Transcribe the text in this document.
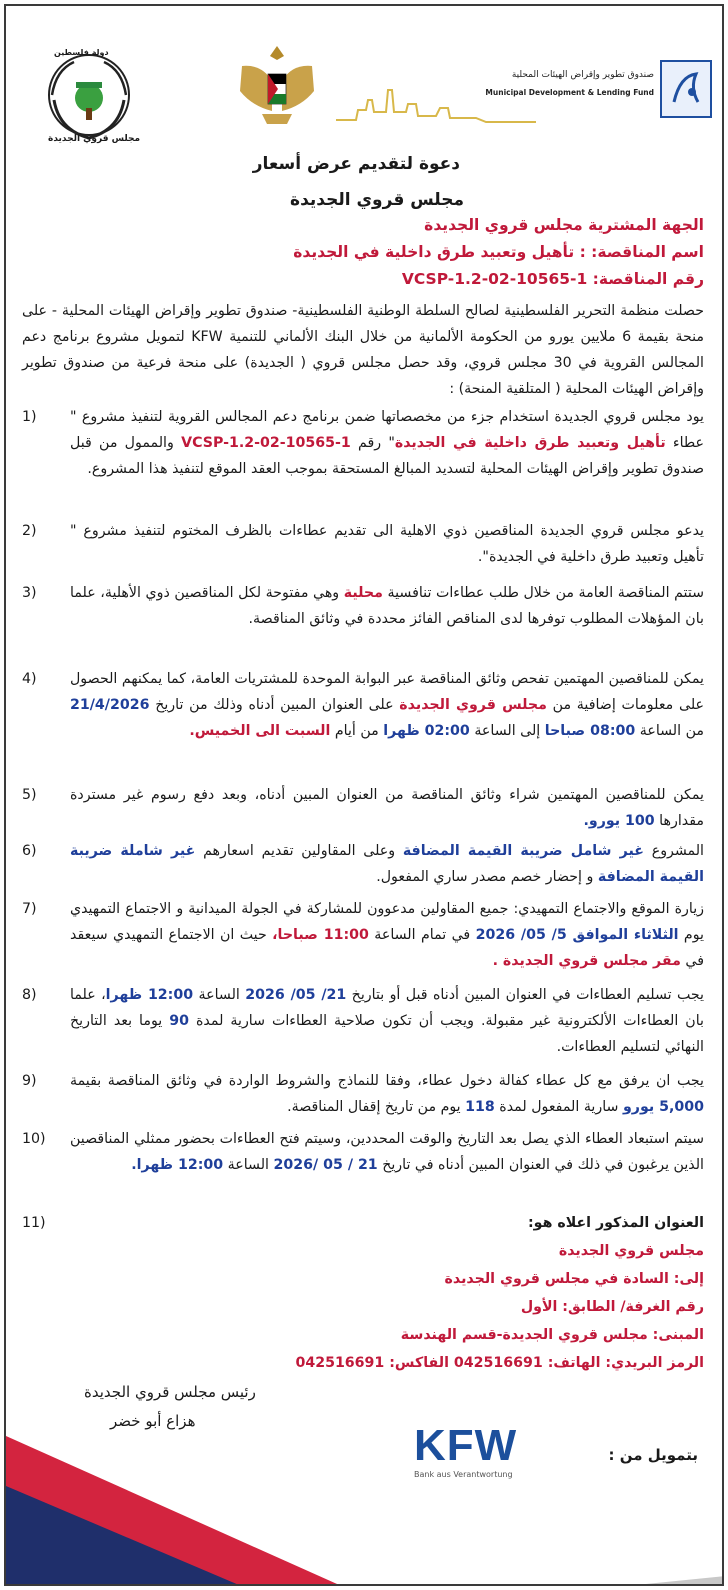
دولة فلسطين
مجلس قروي الجديدة
صندوق تطوير وإقراض الهيئات المحلية
Municipal Development & Lending Fund
دعوة لتقديم عرض أسعار
مجلس قروي الجديدة
الجهة المشترية مجلس قروي الجديدة
اسم المناقصة: : تأهيل وتعبيد طرق داخلية في الجديدة
رقم المناقصة: VCSP-1.2-02-10565-1
حصلت منظمة التحرير الفلسطينية لصالح السلطة الوطنية الفلسطينية- صندوق تطوير وإقراض الهيئات المحلية - على منحة بقيمة 6 ملايين يورو من الحكومة الألمانية من خلال البنك الألماني للتنمية KFW لتمويل مشروع برنامج دعم المجالس القروية في 30 مجلس قروي، وقد حصل مجلس قروي ( الجديدة) على منحة فرعية من صندوق تطوير وإقراض الهيئات المحلية ( المتلقية المنحة) :
1)	يود مجلس قروي الجديدة استخدام جزء من مخصصاتها ضمن برنامج دعم المجالس القروية لتنفيذ مشروع " عطاء تأهيل وتعبيد طرق داخلية في الجديدة" رقم VCSP-1.2-02-10565-1 والممول من قبل صندوق تطوير وإقراض الهيئات المحلية لتسديد المبالغ المستحقة بموجب العقد الموقع لتنفيذ هذا المشروع.
2)	يدعو مجلس قروي الجديدة المناقصين ذوي الاهلية الى تقديم عطاءات بالظرف المختوم لتنفيذ مشروع " تأهيل وتعبيد طرق داخلية في الجديدة".
3)	ستتم المناقصة العامة من خلال طلب عطاءات تنافسية محلية وهي مفتوحة لكل المناقصين ذوي الأهلية، علما بان المؤهلات المطلوب توفرها لدى المناقص الفائز محددة في وثائق المناقصة.
4)	يمكن للمناقصين المهتمين تفحص وثائق المناقصة عبر البوابة الموحدة للمشتريات العامة، كما يمكنهم الحصول على معلومات إضافية من مجلس قروي الجديدة على العنوان المبين أدناه وذلك من تاريخ 21/4/2026 من الساعة 08:00 صباحا إلى الساعة 02:00 ظهرا من أيام السبت الى الخميس.
5)	يمكن للمناقصين المهتمين شراء وثائق المناقصة من العنوان المبين أدناه، وبعد دفع رسوم غير مستردة مقدارها 100 يورو.
6)	المشروع غير شامل ضريبة القيمة المضافة وعلى المقاولين تقديم اسعارهم غير شاملة ضريبة القيمة المضافة و إحضار خصم مصدر ساري المفعول.
7)	زيارة الموقع والاجتماع التمهيدي: جميع المقاولين مدعوون للمشاركة في الجولة الميدانية و الاجتماع التمهيدي يوم الثلاثاء الموافق 5/ 05/ 2026 في تمام الساعة 11:00 صباحا، حيث ان الاجتماع التمهيدي سيعقد في مقر مجلس قروي الجديدة .
8)	يجب تسليم العطاءات في العنوان المبين أدناه قبل أو بتاريخ 21/ 05/ 2026 الساعة 12:00 ظهرا، علما بان العطاءات الألكترونية غير مقبولة. ويجب أن تكون صلاحية العطاءات سارية لمدة 90 يوما بعد التاريخ النهائي لتسليم العطاءات.
9)	يجب ان يرفق مع كل عطاء كفالة دخول عطاء، وفقا للنماذج والشروط الواردة في وثائق المناقصة بقيمة 5,000 يورو سارية المفعول لمدة 118 يوم من تاريخ إقفال المناقصة.
10)	سيتم استبعاد العطاء الذي يصل بعد التاريخ والوقت المحددين، وسيتم فتح العطاءات بحضور ممثلي المناقصين الذين يرغبون في ذلك في العنوان المبين أدناه في تاريخ 21 / 05 /2026 الساعة 12:00 ظهرا.
11)	العنوان المذكور اعلاه هو:
مجلس قروي الجديدة
إلى: السادة في مجلس قروي الجديدة
رقم الغرفة/ الطابق: الأول
المبنى: مجلس قروي الجديدة-قسم الهندسة
الرمز البريدي: الهاتف: 042516691 الفاكس: 042516691
رئيس مجلس قروي الجديدة
هزاع أبو خضر	KFW
Bank aus Verantwortung
بتمويل من :
